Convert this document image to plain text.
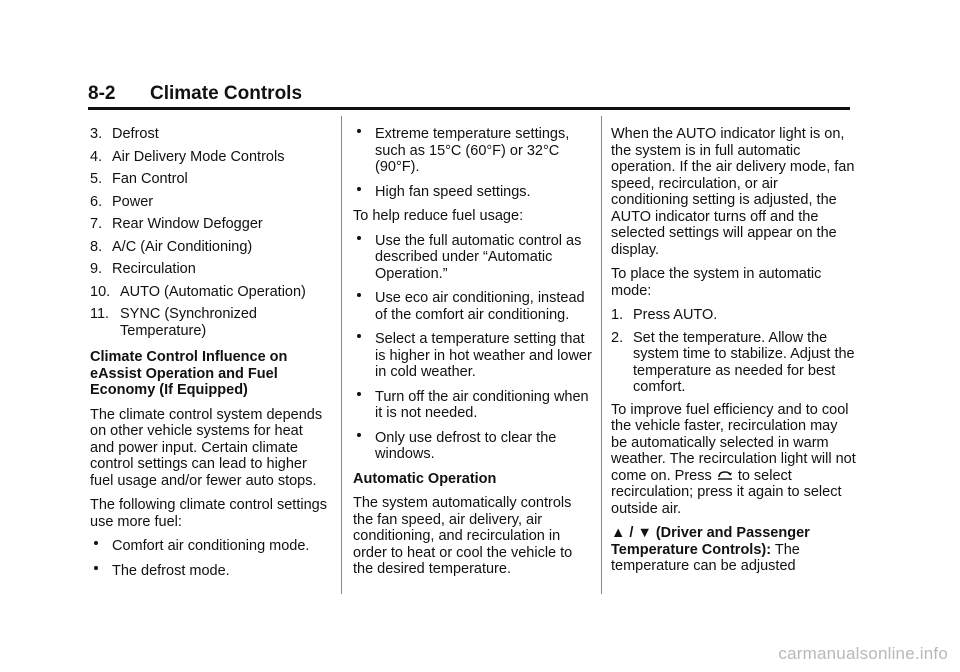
8-2 Climate Controls
3. Defrost
4. Air Delivery Mode Controls
5. Fan Control
6. Power
7. Rear Window Defogger
8. A/C (Air Conditioning)
9. Recirculation
10. AUTO (Automatic Operation)
11. SYNC (Synchronized Temperature)

Climate Control Influence on eAssist Operation and Fuel Economy (If Equipped)

The climate control system depends on other vehicle systems for heat and power input. Certain climate control settings can lead to higher fuel usage and/or fewer auto stops.

The following climate control settings use more fuel:

Comfort air conditioning mode.
The defrost mode.
Extreme temperature settings, such as 15°C (60°F) or 32°C (90°F).
High fan speed settings.

To help reduce fuel usage:

Use the full automatic control as described under “Automatic Operation.”
Use eco air conditioning, instead of the comfort air conditioning.
Select a temperature setting that is higher in hot weather and lower in cold weather.
Turn off the air conditioning when it is not needed.
Only use defrost to clear the windows.

Automatic Operation

The system automatically controls the fan speed, air delivery, air conditioning, and recirculation in order to heat or cool the vehicle to the desired temperature.

When the AUTO indicator light is on, the system is in full automatic operation. If the air delivery mode, fan speed, recirculation, or air conditioning setting is adjusted, the AUTO indicator turns off and the selected settings will appear on the display.

To place the system in automatic mode:

1. Press AUTO.
2. Set the temperature. Allow the system time to stabilize. Adjust the temperature as needed for best comfort.

To improve fuel efficiency and to cool the vehicle faster, recirculation may be automatically selected in warm weather. The recirculation light will not come on. Press to select recirculation; press it again to select outside air.

▲ / ▼ (Driver and Passenger Temperature Controls): The temperature can be adjusted

carmanualsonline.info
